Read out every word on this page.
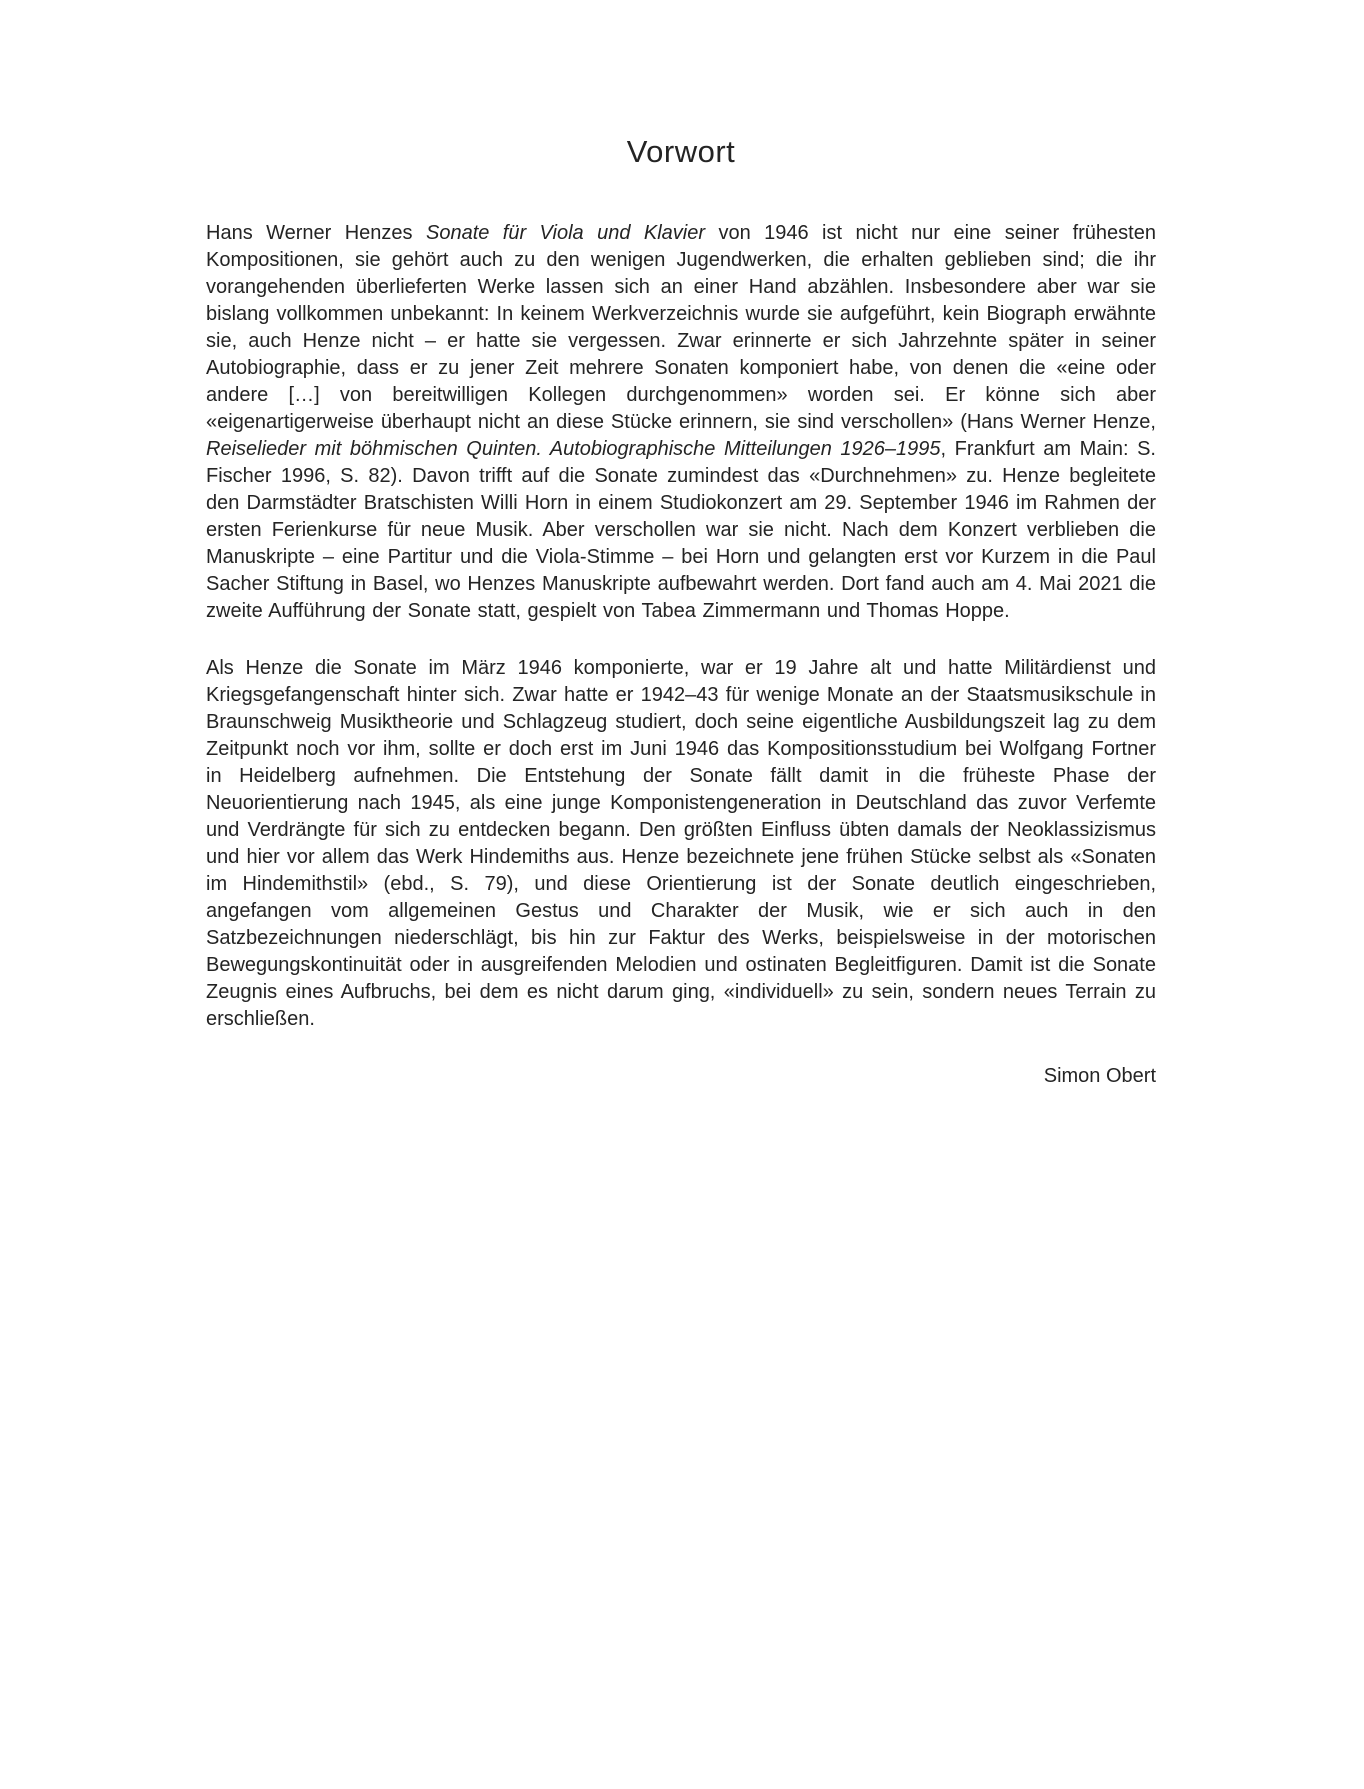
Vorwort

Hans Werner Henzes Sonate für Viola und Klavier von 1946 ist nicht nur eine seiner frühesten Kompositionen, sie gehört auch zu den wenigen Jugendwerken, die erhalten geblieben sind; die ihr vorangehenden überlieferten Werke lassen sich an einer Hand abzählen. Insbesondere aber war sie bislang vollkommen unbekannt: In keinem Werkverzeichnis wurde sie aufgeführt, kein Biograph erwähnte sie, auch Henze nicht – er hatte sie vergessen. Zwar erinnerte er sich Jahrzehnte später in seiner Autobiographie, dass er zu jener Zeit mehrere Sonaten komponiert habe, von denen die «eine oder andere […] von bereitwilligen Kollegen durchgenommen» worden sei. Er könne sich aber «eigenartigerweise überhaupt nicht an diese Stücke erinnern, sie sind verschollen» (Hans Werner Henze, Reiselieder mit böhmischen Quinten. Autobiographische Mitteilungen 1926–1995, Frankfurt am Main: S. Fischer 1996, S. 82). Davon trifft auf die Sonate zumindest das «Durchnehmen» zu. Henze begleitete den Darmstädter Bratschisten Willi Horn in einem Studiokonzert am 29. September 1946 im Rahmen der ersten Ferienkurse für neue Musik. Aber verschollen war sie nicht. Nach dem Konzert verblieben die Manuskripte – eine Partitur und die Viola-Stimme – bei Horn und gelangten erst vor Kurzem in die Paul Sacher Stiftung in Basel, wo Henzes Manuskripte aufbewahrt werden. Dort fand auch am 4. Mai 2021 die zweite Aufführung der Sonate statt, gespielt von Tabea Zimmermann und Thomas Hoppe.

Als Henze die Sonate im März 1946 komponierte, war er 19 Jahre alt und hatte Militärdienst und Kriegsgefangenschaft hinter sich. Zwar hatte er 1942–43 für wenige Monate an der Staatsmusikschule in Braunschweig Musiktheorie und Schlagzeug studiert, doch seine eigentliche Ausbildungszeit lag zu dem Zeitpunkt noch vor ihm, sollte er doch erst im Juni 1946 das Kompositionsstudium bei Wolfgang Fortner in Heidelberg aufnehmen. Die Entstehung der Sonate fällt damit in die früheste Phase der Neuorientierung nach 1945, als eine junge Komponistengeneration in Deutschland das zuvor Verfemte und Verdrängte für sich zu entdecken begann. Den größten Einfluss übten damals der Neoklassizismus und hier vor allem das Werk Hindemiths aus. Henze bezeichnete jene frühen Stücke selbst als «Sonaten im Hindemithstil» (ebd., S. 79), und diese Orientierung ist der Sonate deutlich eingeschrieben, angefangen vom allgemeinen Gestus und Charakter der Musik, wie er sich auch in den Satzbezeichnungen niederschlägt, bis hin zur Faktur des Werks, beispielsweise in der motorischen Bewegungskontinuität oder in ausgreifenden Melodien und ostinaten Begleitfiguren. Damit ist die Sonate Zeugnis eines Aufbruchs, bei dem es nicht darum ging, «individuell» zu sein, sondern neues Terrain zu erschließen.

Simon Obert
